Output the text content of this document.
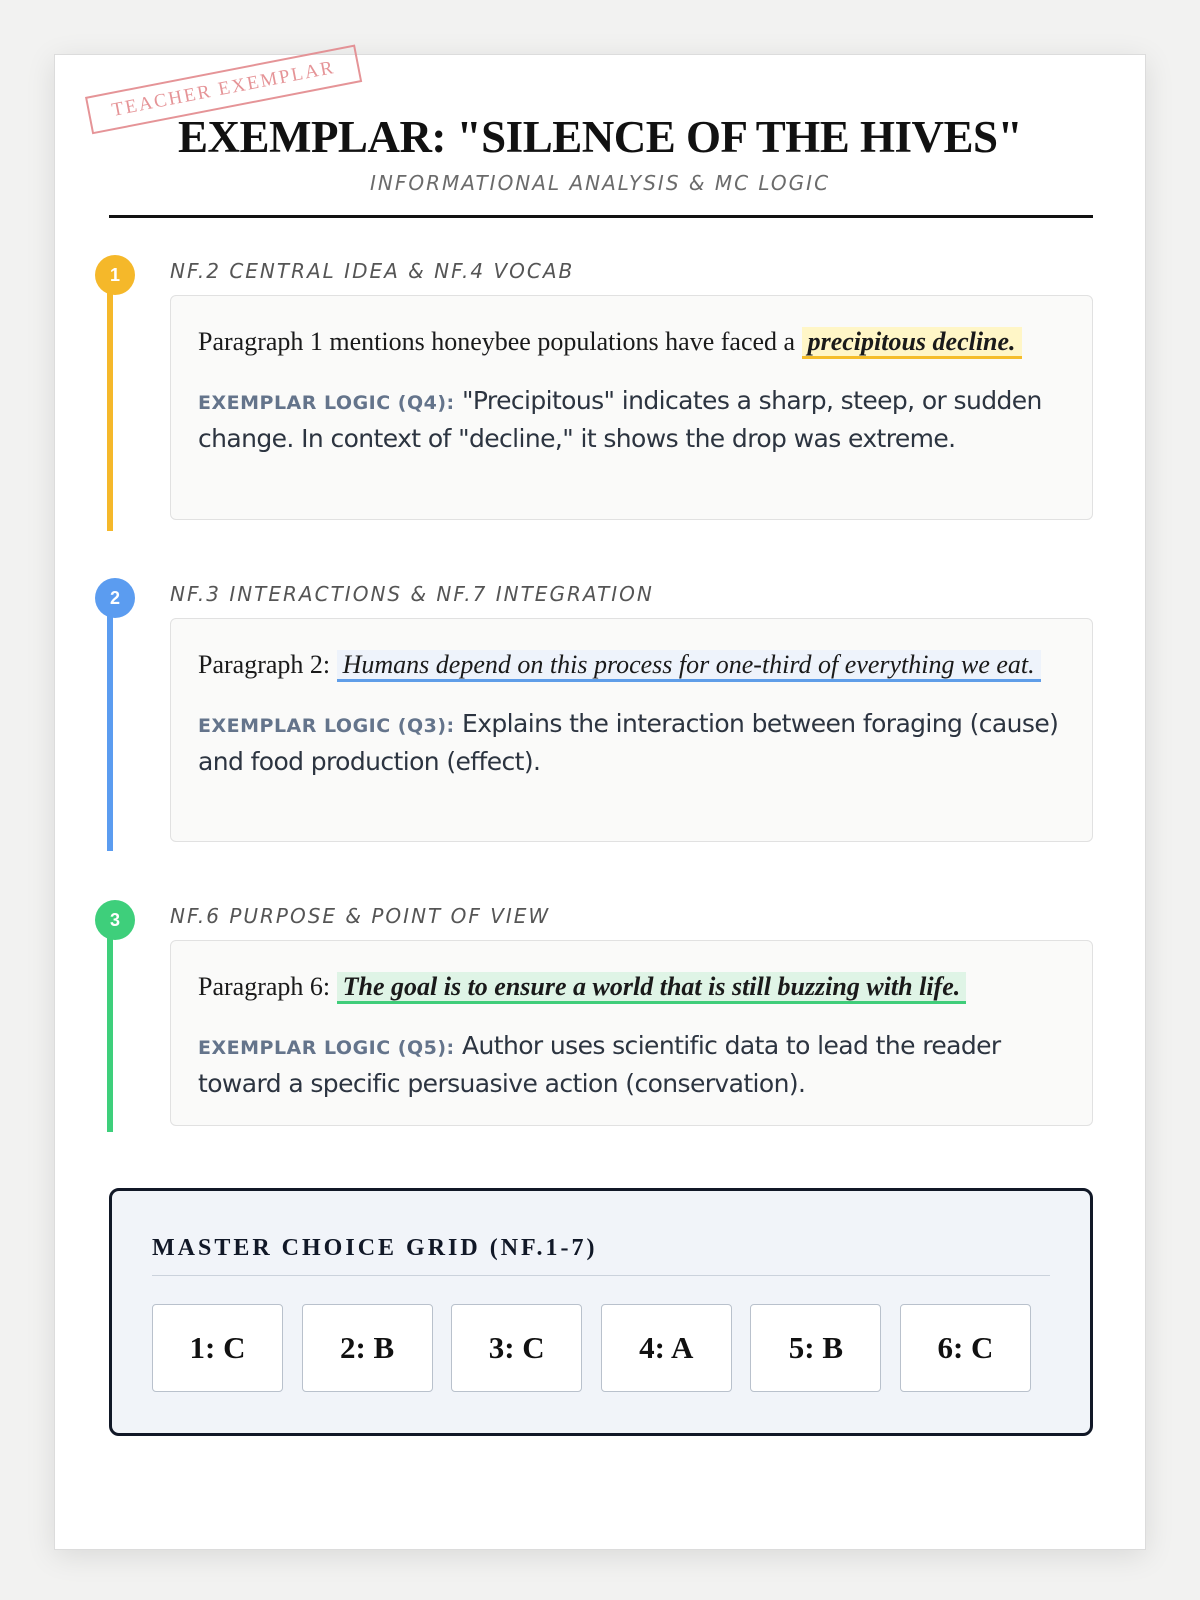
TEACHER EXEMPLAR
EXEMPLAR: "SILENCE OF THE HIVES"
INFORMATIONAL ANALYSIS & MC LOGIC
1	NF.2 CENTRAL IDEA & NF.4 VOCAB

Paragraph 1 mentions honeybee populations have faced a precipitous decline.

EXEMPLAR LOGIC (Q4): "Precipitous" indicates a sharp, steep, or sudden change. In context of "decline," it shows the drop was extreme.
2	NF.3 INTERACTIONS & NF.7 INTEGRATION

Paragraph 2: Humans depend on this process for one-third of everything we eat.

EXEMPLAR LOGIC (Q3): Explains the interaction between foraging (cause) and food production (effect).
3	NF.6 PURPOSE & POINT OF VIEW

Paragraph 6: The goal is to ensure a world that is still buzzing with life.

EXEMPLAR LOGIC (Q5): Author uses scientific data to lead the reader toward a specific persuasive action (conservation).
MASTER CHOICE GRID (NF.1-7)
1: C	2: B	3: C	4: A	5: B	6: C
